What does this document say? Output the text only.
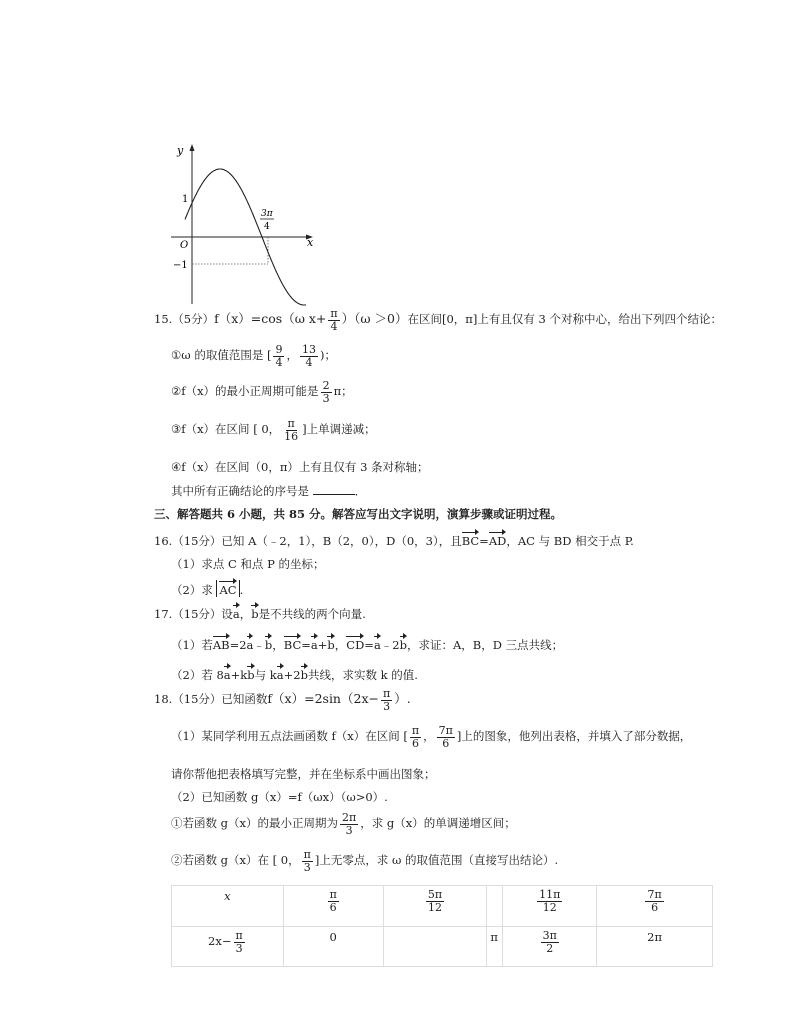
y
x
O
1
−1
3π
4
15.（5分）f（x）=cos（ω $x+ \frac{\pi}{4} )(\omega >0)$在区间[0，π]上有且仅有 3 个对称中心，给出下列四个结论：
①ω 的取值范围是 [ $\frac{9}{4}$ ， $\frac{13}{4}$ )；
②f（x）的最小正周期可能是 $\frac{2}{3}$ π；
③f（x）在区间 [ 0， $\frac{\pi}{16}$ ]上单调递减；
④f（x）在区间（0，π）上有且仅有 3 条对称轴；
其中所有正确结论的序号是	．
三、解答题共 6 小题，共 85 分。解答应写出文字说明，演算步骤或证明过程。
16.（15分）已知 A（﹣2，1），B（2，0），D（0，3），且BC=AD，AC 与 BD 相交于点 P.
（1）求点 C 和点 P 的坐标；
（2）求 AC .
17.（15分）设a，b是不共线的两个向量.
（1）若AB=2a﹣b，BC=a+b，CD=a﹣2b，求证：A，B，D 三点共线；
（2）若 8a+kb与 ka+2b共线，求实数 k 的值.
18.（15分）已知函数$f(x)=2\sin(2x- \frac{\pi}{3}$ ）.
（1）某同学利用五点法画函数 f（x）在区间 [ $\frac{\pi}{6}$ ， $\frac{7\pi}{6}$ ]上的图象，他列出表格，并填入了部分数据，
请你帮他把表格填写完整，并在坐标系中画出图象；
（2）已知函数 g（x）=f（ωx）（ω>0）.
①若函数 g（x）的最小正周期为 $\frac{2\pi}{3}$ ，求 g（x）的单调递增区间；
②若函数 g（x）在 [ 0， $\frac{\pi}{3}$ ]上无零点，求 ω 的取值范围（直接写出结论）.
x	$\frac{\pi}{6}$	$\frac{5\pi}{12}$		$\frac{11\pi}{12}$	$\frac{7\pi}{6}$

$2x- \frac{\pi}{3}$	0		π	$\frac{3\pi}{2}$	2π
